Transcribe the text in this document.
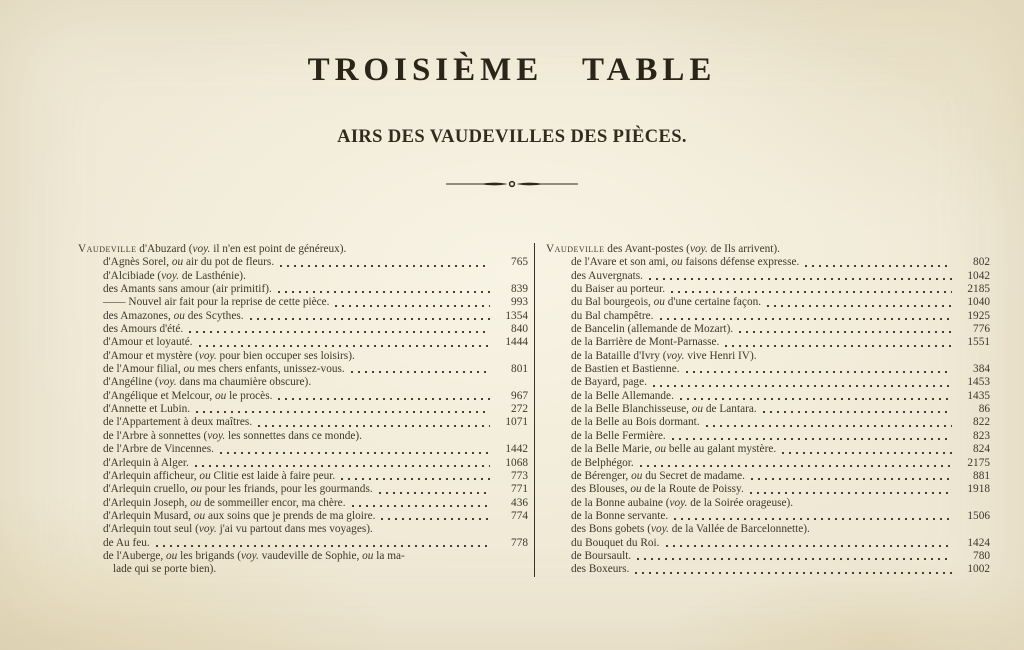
TROISIÈME TABLE
AIRS DES VAUDEVILLES DES PIÈCES.
Vaudeville d'Abuzard (voy. il n'en est point de généreux).
d'Agnès Sorel, ou air du pot de fleurs.	765
d'Alcibiade (voy. de Lasthénie).
des Amants sans amour (air primitif).	839
—— Nouvel air fait pour la reprise de cette pièce.	993
des Amazones, ou des Scythes.	1354
des Amours d'été.	840
d'Amour et loyauté.	1444
d'Amour et mystère (voy. pour bien occuper ses loisirs).
de l'Amour filial, ou mes chers enfants, unissez-vous.	801
d'Angéline (voy. dans ma chaumière obscure).
d'Angélique et Melcour, ou le procès.	967
d'Annette et Lubin.	272
de l'Appartement à deux maîtres.	1071
de l'Arbre à sonnettes (voy. les sonnettes dans ce monde).
de l'Arbre de Vincennes.	1442
d'Arlequin à Alger.	1068
d'Arlequin afficheur, ou Clitie est laide à faire peur.	773
d'Arlequin cruello, ou pour les friands, pour les gourmands.	771
d'Arlequin Joseph, ou de sommeiller encor, ma chère.	436
d'Arlequin Musard, ou aux soins que je prends de ma gloire.	774
d'Arlequin tout seul (voy. j'ai vu partout dans mes voyages).
de Au feu.	778
de l'Auberge, ou les brigands (voy. vaudeville de Sophie, ou la ma-
lade qui se porte bien).
Vaudeville des Avant-postes (voy. de Ils arrivent).
de l'Avare et son ami, ou faisons défense expresse.	802
des Auvergnats.	1042
du Baiser au porteur.	2185
du Bal bourgeois, ou d'une certaine façon.	1040
du Bal champêtre.	1925
de Bancelin (allemande de Mozart).	776
de la Barrière de Mont-Parnasse.	1551
de la Bataille d'Ivry (voy. vive Henri IV).
de Bastien et Bastienne.	384
de Bayard, page.	1453
de la Belle Allemande.	1435
de la Belle Blanchisseuse, ou de Lantara.	86
de la Belle au Bois dormant.	822
de la Belle Fermière.	823
de la Belle Marie, ou belle au galant mystère.	824
de Belphégor.	2175
de Bérenger, ou du Secret de madame.	881
des Blouses, ou de la Route de Poissy.	1918
de la Bonne aubaine (voy. de la Soirée orageuse).
de la Bonne servante.	1506
des Bons gobets (voy. de la Vallée de Barcelonnette).
du Bouquet du Roi.	1424
de Boursault.	780
des Boxeurs.	1002
